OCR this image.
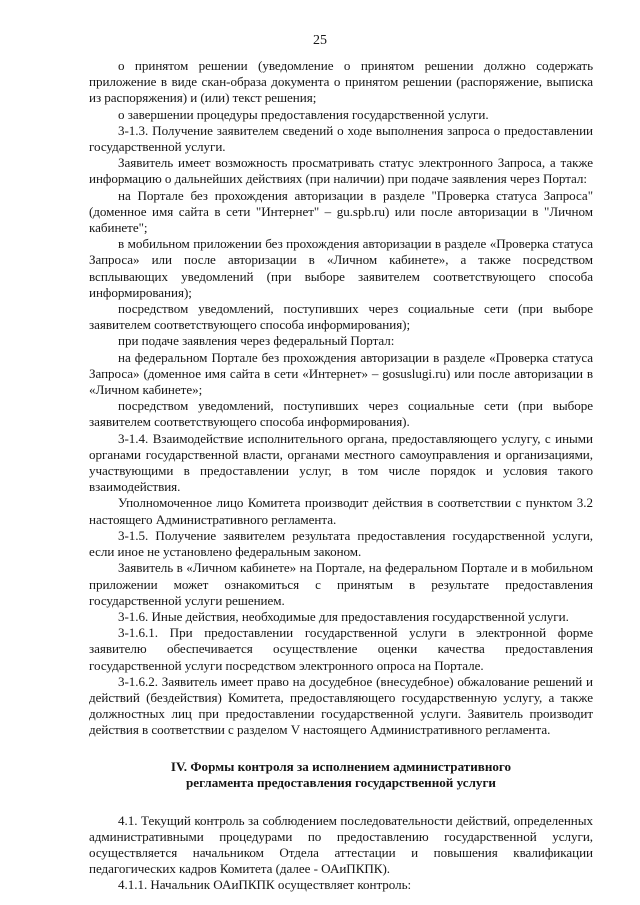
25

о принятом решении (уведомление о принятом решении должно содержать приложение в виде скан-образа документа о принятом решении (распоряжение, выписка из распоряжения) и (или) текст решения;

о завершении процедуры предоставления государственной услуги.

3-1.3. Получение заявителем сведений о ходе выполнения запроса о предоставлении государственной услуги.

Заявитель имеет возможность просматривать статус электронного Запроса, а также информацию о дальнейших действиях (при наличии) при подаче заявления через Портал:

на Портале без прохождения авторизации в разделе "Проверка статуса Запроса" (доменное имя сайта в сети "Интернет" – gu.spb.ru) или после авторизации в "Личном кабинете";

в мобильном приложении без прохождения авторизации в разделе «Проверка статуса Запроса» или после авторизации в «Личном кабинете», а также посредством всплывающих уведомлений (при выборе заявителем соответствующего способа информирования);

посредством уведомлений, поступивших через социальные сети (при выборе заявителем соответствующего способа информирования);

при подаче заявления через федеральный Портал:

на федеральном Портале без прохождения авторизации в разделе «Проверка статуса Запроса» (доменное имя сайта в сети «Интернет» – gosuslugi.ru) или после авторизации в «Личном кабинете»;

посредством уведомлений, поступивших через социальные сети (при выборе заявителем соответствующего способа информирования).

3-1.4. Взаимодействие исполнительного органа, предоставляющего услугу, с иными органами государственной власти, органами местного самоуправления и организациями, участвующими в предоставлении услуг, в том числе порядок и условия такого взаимодействия.

Уполномоченное лицо Комитета производит действия в соответствии с пунктом 3.2 настоящего Административного регламента.

3-1.5. Получение заявителем результата предоставления государственной услуги, если иное не установлено федеральным законом.

Заявитель в «Личном кабинете» на Портале, на федеральном Портале и в мобильном приложении может ознакомиться с принятым в результате предоставления государственной услуги решением.

3-1.6. Иные действия, необходимые для предоставления государственной услуги.

3-1.6.1. При предоставлении государственной услуги в электронной форме заявителю обеспечивается осуществление оценки качества предоставления государственной услуги посредством электронного опроса на Портале.

3-1.6.2. Заявитель имеет право на досудебное (внесудебное) обжалование решений и действий (бездействия) Комитета, предоставляющего государственную услугу, а также должностных лиц при предоставлении государственной услуги. Заявитель производит действия в соответствии с разделом V настоящего Административного регламента.

IV. Формы контроля за исполнением административного
регламента предоставления государственной услуги

4.1. Текущий контроль за соблюдением последовательности действий, определенных административными процедурами по предоставлению государственной услуги, осуществляется начальником Отдела аттестации и повышения квалификации педагогических кадров Комитета (далее - ОАиПКПК).

4.1.1. Начальник ОАиПКПК осуществляет контроль:
